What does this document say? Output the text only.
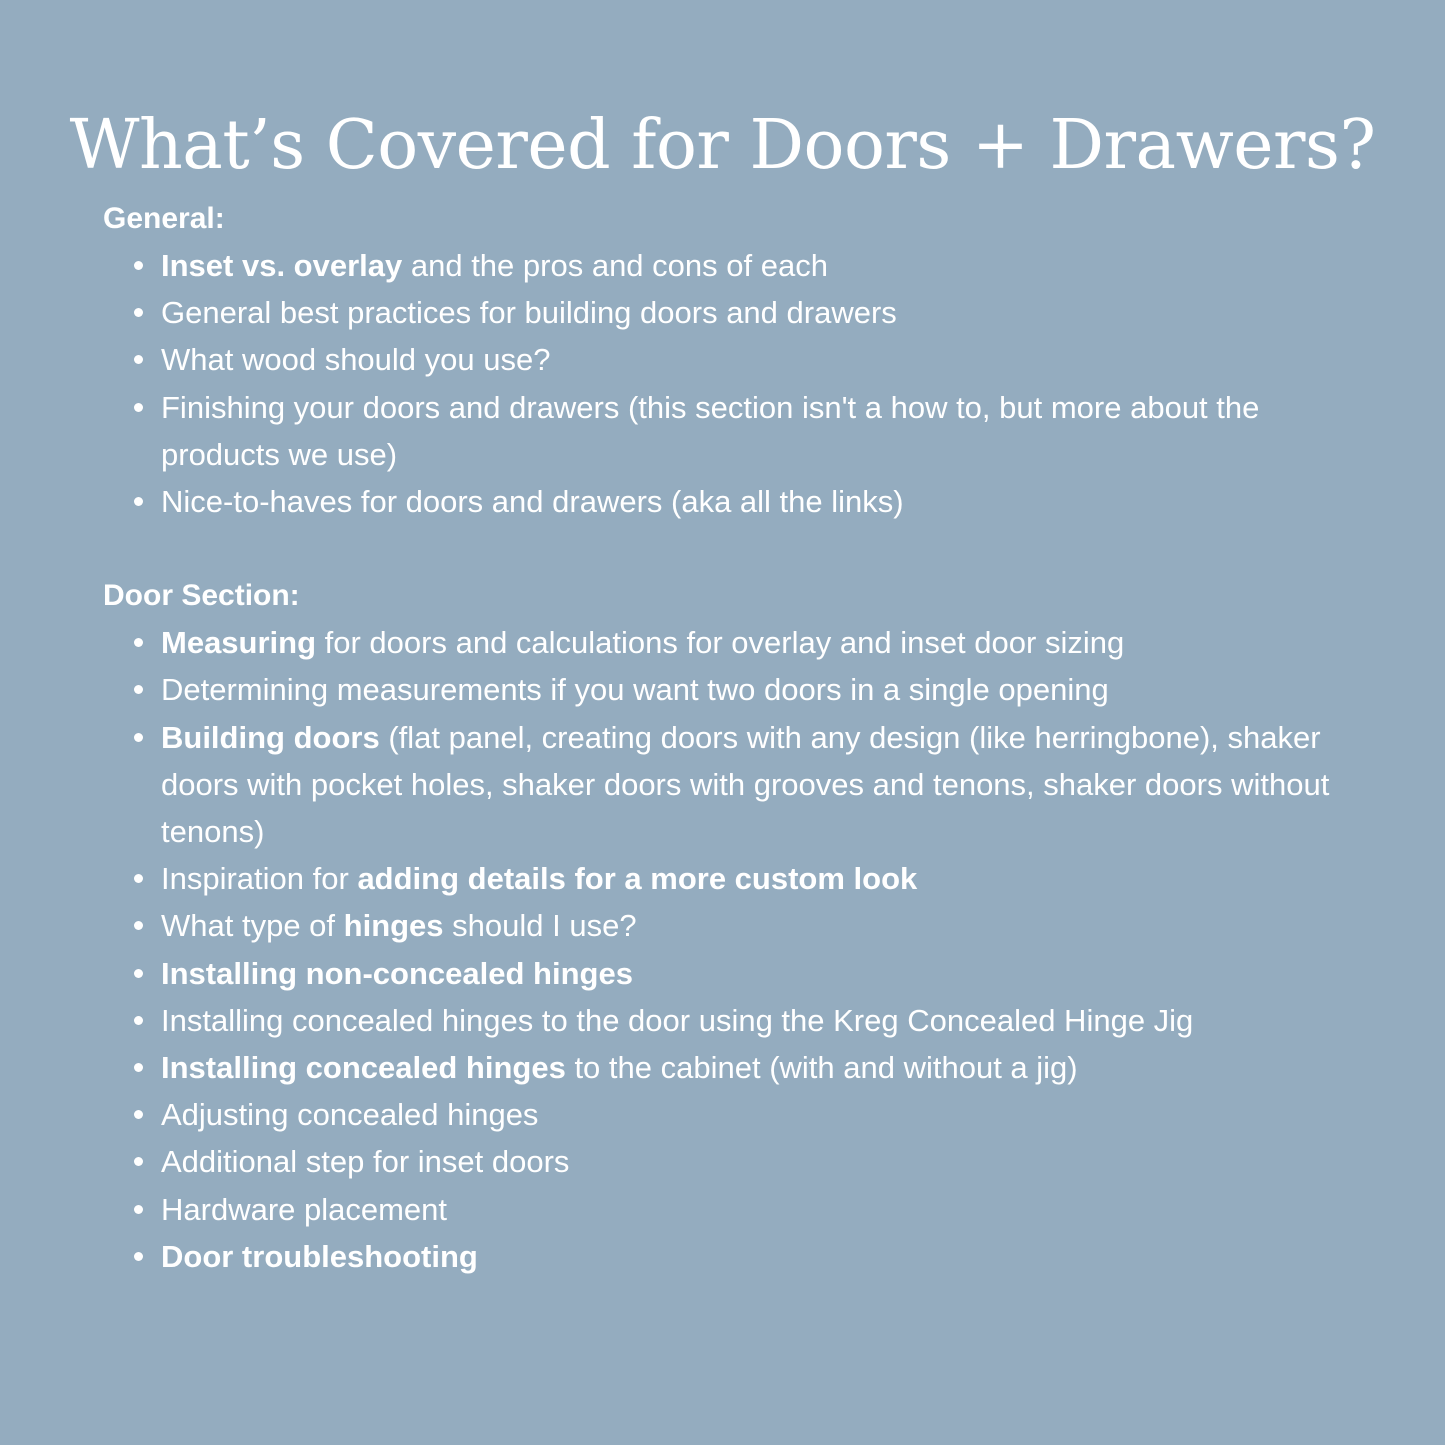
What’s Covered for Doors + Drawers?
General:
Inset vs. overlay and the pros and cons of each
General best practices for building doors and drawers
What wood should you use?
Finishing your doors and drawers (this section isn't a how to, but more about the products we use)
Nice-to-haves for doors and drawers (aka all the links)
Door Section:
Measuring for doors and calculations for overlay and inset door sizing
Determining measurements if you want two doors in a single opening
Building doors (flat panel, creating doors with any design (like herringbone), shaker doors with pocket holes, shaker doors with grooves and tenons, shaker doors without tenons)
Inspiration for adding details for a more custom look
What type of hinges should I use?
Installing non-concealed hinges
Installing concealed hinges to the door using the Kreg Concealed Hinge Jig
Installing concealed hinges to the cabinet (with and without a jig)
Adjusting concealed hinges
Additional step for inset doors
Hardware placement
Door troubleshooting
